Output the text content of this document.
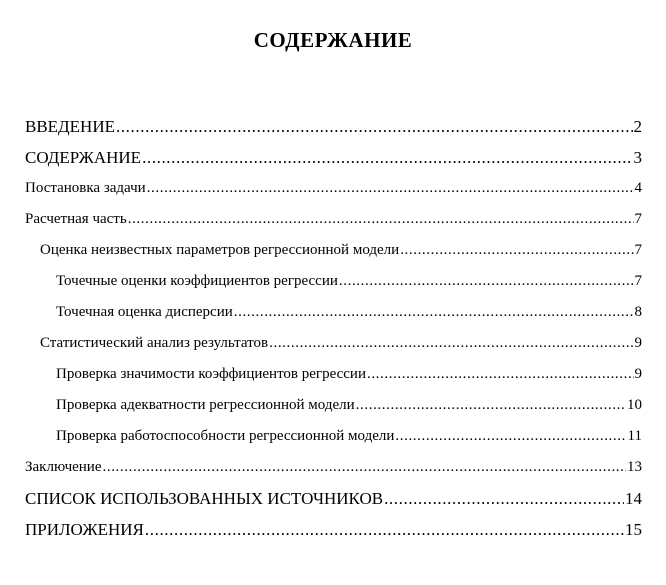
СОДЕРЖАНИЕ
ВВЕДЕНИЕ .....	2
СОДЕРЖАНИЕ .....	3
Постановка задачи .....	4
Расчетная часть .....	7
Оценка неизвестных параметров регрессионной модели .....	7
Точечные оценки коэффициентов регрессии .....	7
Точечная оценка дисперсии .....	8
Статистический анализ результатов .....	9
Проверка значимости коэффициентов регрессии .....	9
Проверка адекватности регрессионной модели .....	10
Проверка работоспособности регрессионной модели .....	11
Заключение .....	13
СПИСОК ИСПОЛЬЗОВАННЫХ ИСТОЧНИКОВ .....	14
ПРИЛОЖЕНИЯ .....	15
